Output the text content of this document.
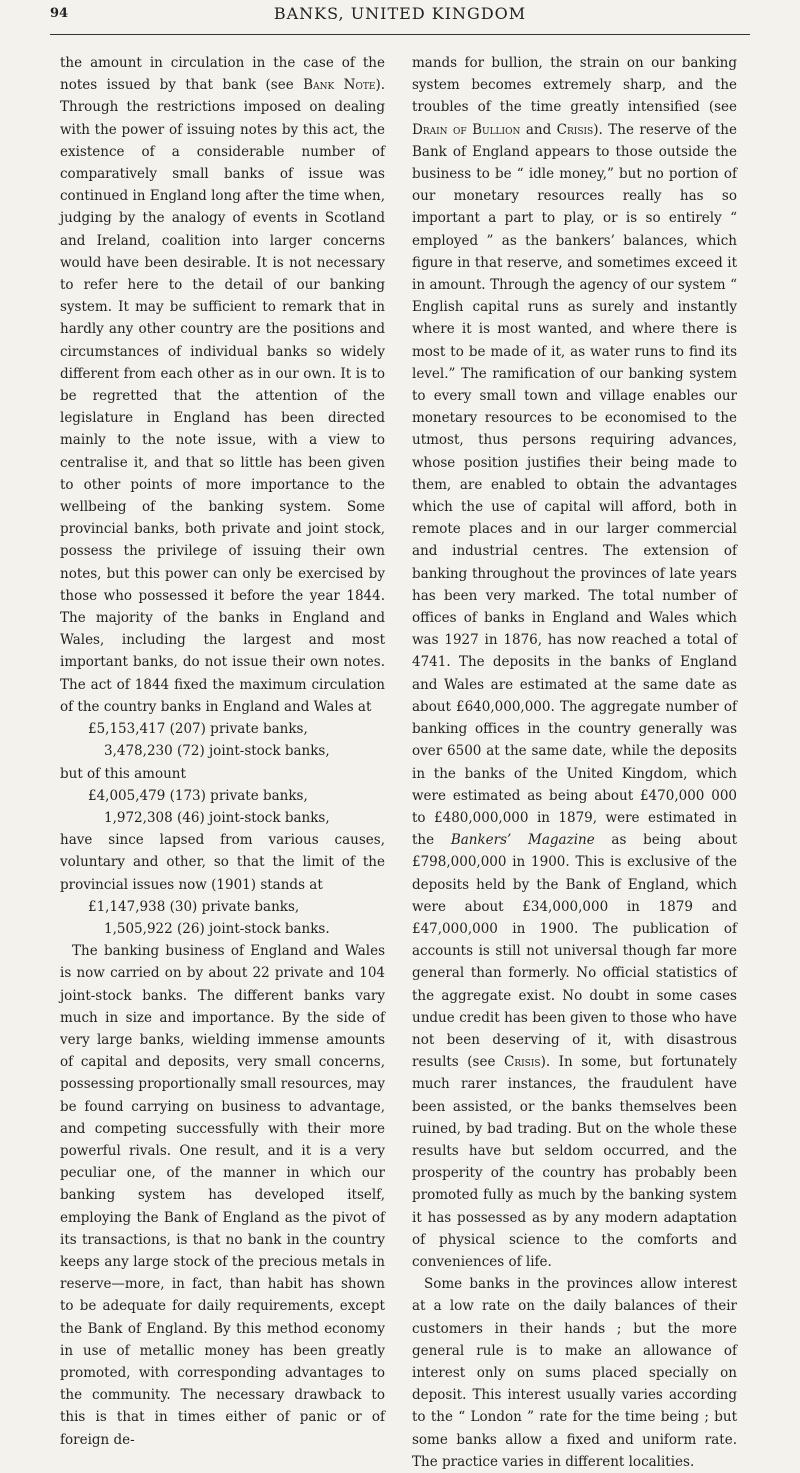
94	BANKS, UNITED KINGDOM

the amount in circulation in the case of the notes issued by that bank (see Bank Note). Through the restrictions imposed on dealing with the power of issuing notes by this act, the existence of a considerable number of comparatively small banks of issue was continued in England long after the time when, judging by the analogy of events in Scotland and Ireland, coalition into larger concerns would have been desirable. It is not necessary to refer here to the detail of our banking system. It may be sufficient to remark that in hardly any other country are the positions and circumstances of individual banks so widely different from each other as in our own. It is to be regretted that the attention of the legislature in England has been directed mainly to the note issue, with a view to centralise it, and that so little has been given to other points of more importance to the wellbeing of the banking system. Some provincial banks, both private and joint stock, possess the privilege of issuing their own notes, but this power can only be exercised by those who possessed it before the year 1844. The majority of the banks in England and Wales, including the largest and most important banks, do not issue their own notes. The act of 1844 fixed the maximum circulation of the country banks in England and Wales at

£5,153,417 (207) private banks,
3,478,230 (72) joint-stock banks,

but of this amount

£4,005,479 (173) private banks,
1,972,308 (46) joint-stock banks,

have since lapsed from various causes, voluntary and other, so that the limit of the provincial issues now (1901) stands at

£1,147,938 (30) private banks,
1,505,922 (26) joint-stock banks.

The banking business of England and Wales is now carried on by about 22 private and 104 joint-stock banks. The different banks vary much in size and importance. By the side of very large banks, wielding immense amounts of capital and deposits, very small concerns, possessing proportionally small resources, may be found carrying on business to advantage, and competing successfully with their more powerful rivals. One result, and it is a very peculiar one, of the manner in which our banking system has developed itself, employing the Bank of England as the pivot of its transactions, is that no bank in the country keeps any large stock of the precious metals in reserve—more, in fact, than habit has shown to be adequate for daily requirements, except the Bank of England. By this method economy in use of metallic money has been greatly promoted, with corresponding advantages to the community. The necessary drawback to this is that in times either of panic or of foreign de-

mands for bullion, the strain on our banking system becomes extremely sharp, and the troubles of the time greatly intensified (see Drain of Bullion and Crisis). The reserve of the Bank of England appears to those outside the business to be “ idle money,” but no portion of our monetary resources really has so important a part to play, or is so entirely “ employed ” as the bankers’ balances, which figure in that reserve, and sometimes exceed it in amount. Through the agency of our system “ English capital runs as surely and instantly where it is most wanted, and where there is most to be made of it, as water runs to find its level.” The ramification of our banking system to every small town and village enables our monetary resources to be economised to the utmost, thus persons requiring advances, whose position justifies their being made to them, are enabled to obtain the advantages which the use of capital will afford, both in remote places and in our larger commercial and industrial centres. The extension of banking throughout the provinces of late years has been very marked. The total number of offices of banks in England and Wales which was 1927 in 1876, has now reached a total of 4741. The deposits in the banks of England and Wales are estimated at the same date as about £640,000,000. The aggregate number of banking offices in the country generally was over 6500 at the same date, while the deposits in the banks of the United Kingdom, which were estimated as being about £470,000 000 to £480,000,000 in 1879, were estimated in the Bankers’ Magazine as being about £798,000,000 in 1900. This is exclusive of the deposits held by the Bank of England, which were about £34,000,000 in 1879 and £47,000,000 in 1900. The publication of accounts is still not universal though far more general than formerly. No official statistics of the aggregate exist. No doubt in some cases undue credit has been given to those who have not been deserving of it, with disastrous results (see Crisis). In some, but fortunately much rarer instances, the fraudulent have been assisted, or the banks themselves been ruined, by bad trading. But on the whole these results have but seldom occurred, and the prosperity of the country has probably been promoted fully as much by the banking system it has possessed as by any modern adaptation of physical science to the comforts and conveniences of life.

Some banks in the provinces allow interest at a low rate on the daily balances of their customers in their hands ; but the more general rule is to make an allowance of interest only on sums placed specially on deposit. This interest usually varies according to the “ London ” rate for the time being ; but some banks allow a fixed and uniform rate. The practice varies in different localities.
